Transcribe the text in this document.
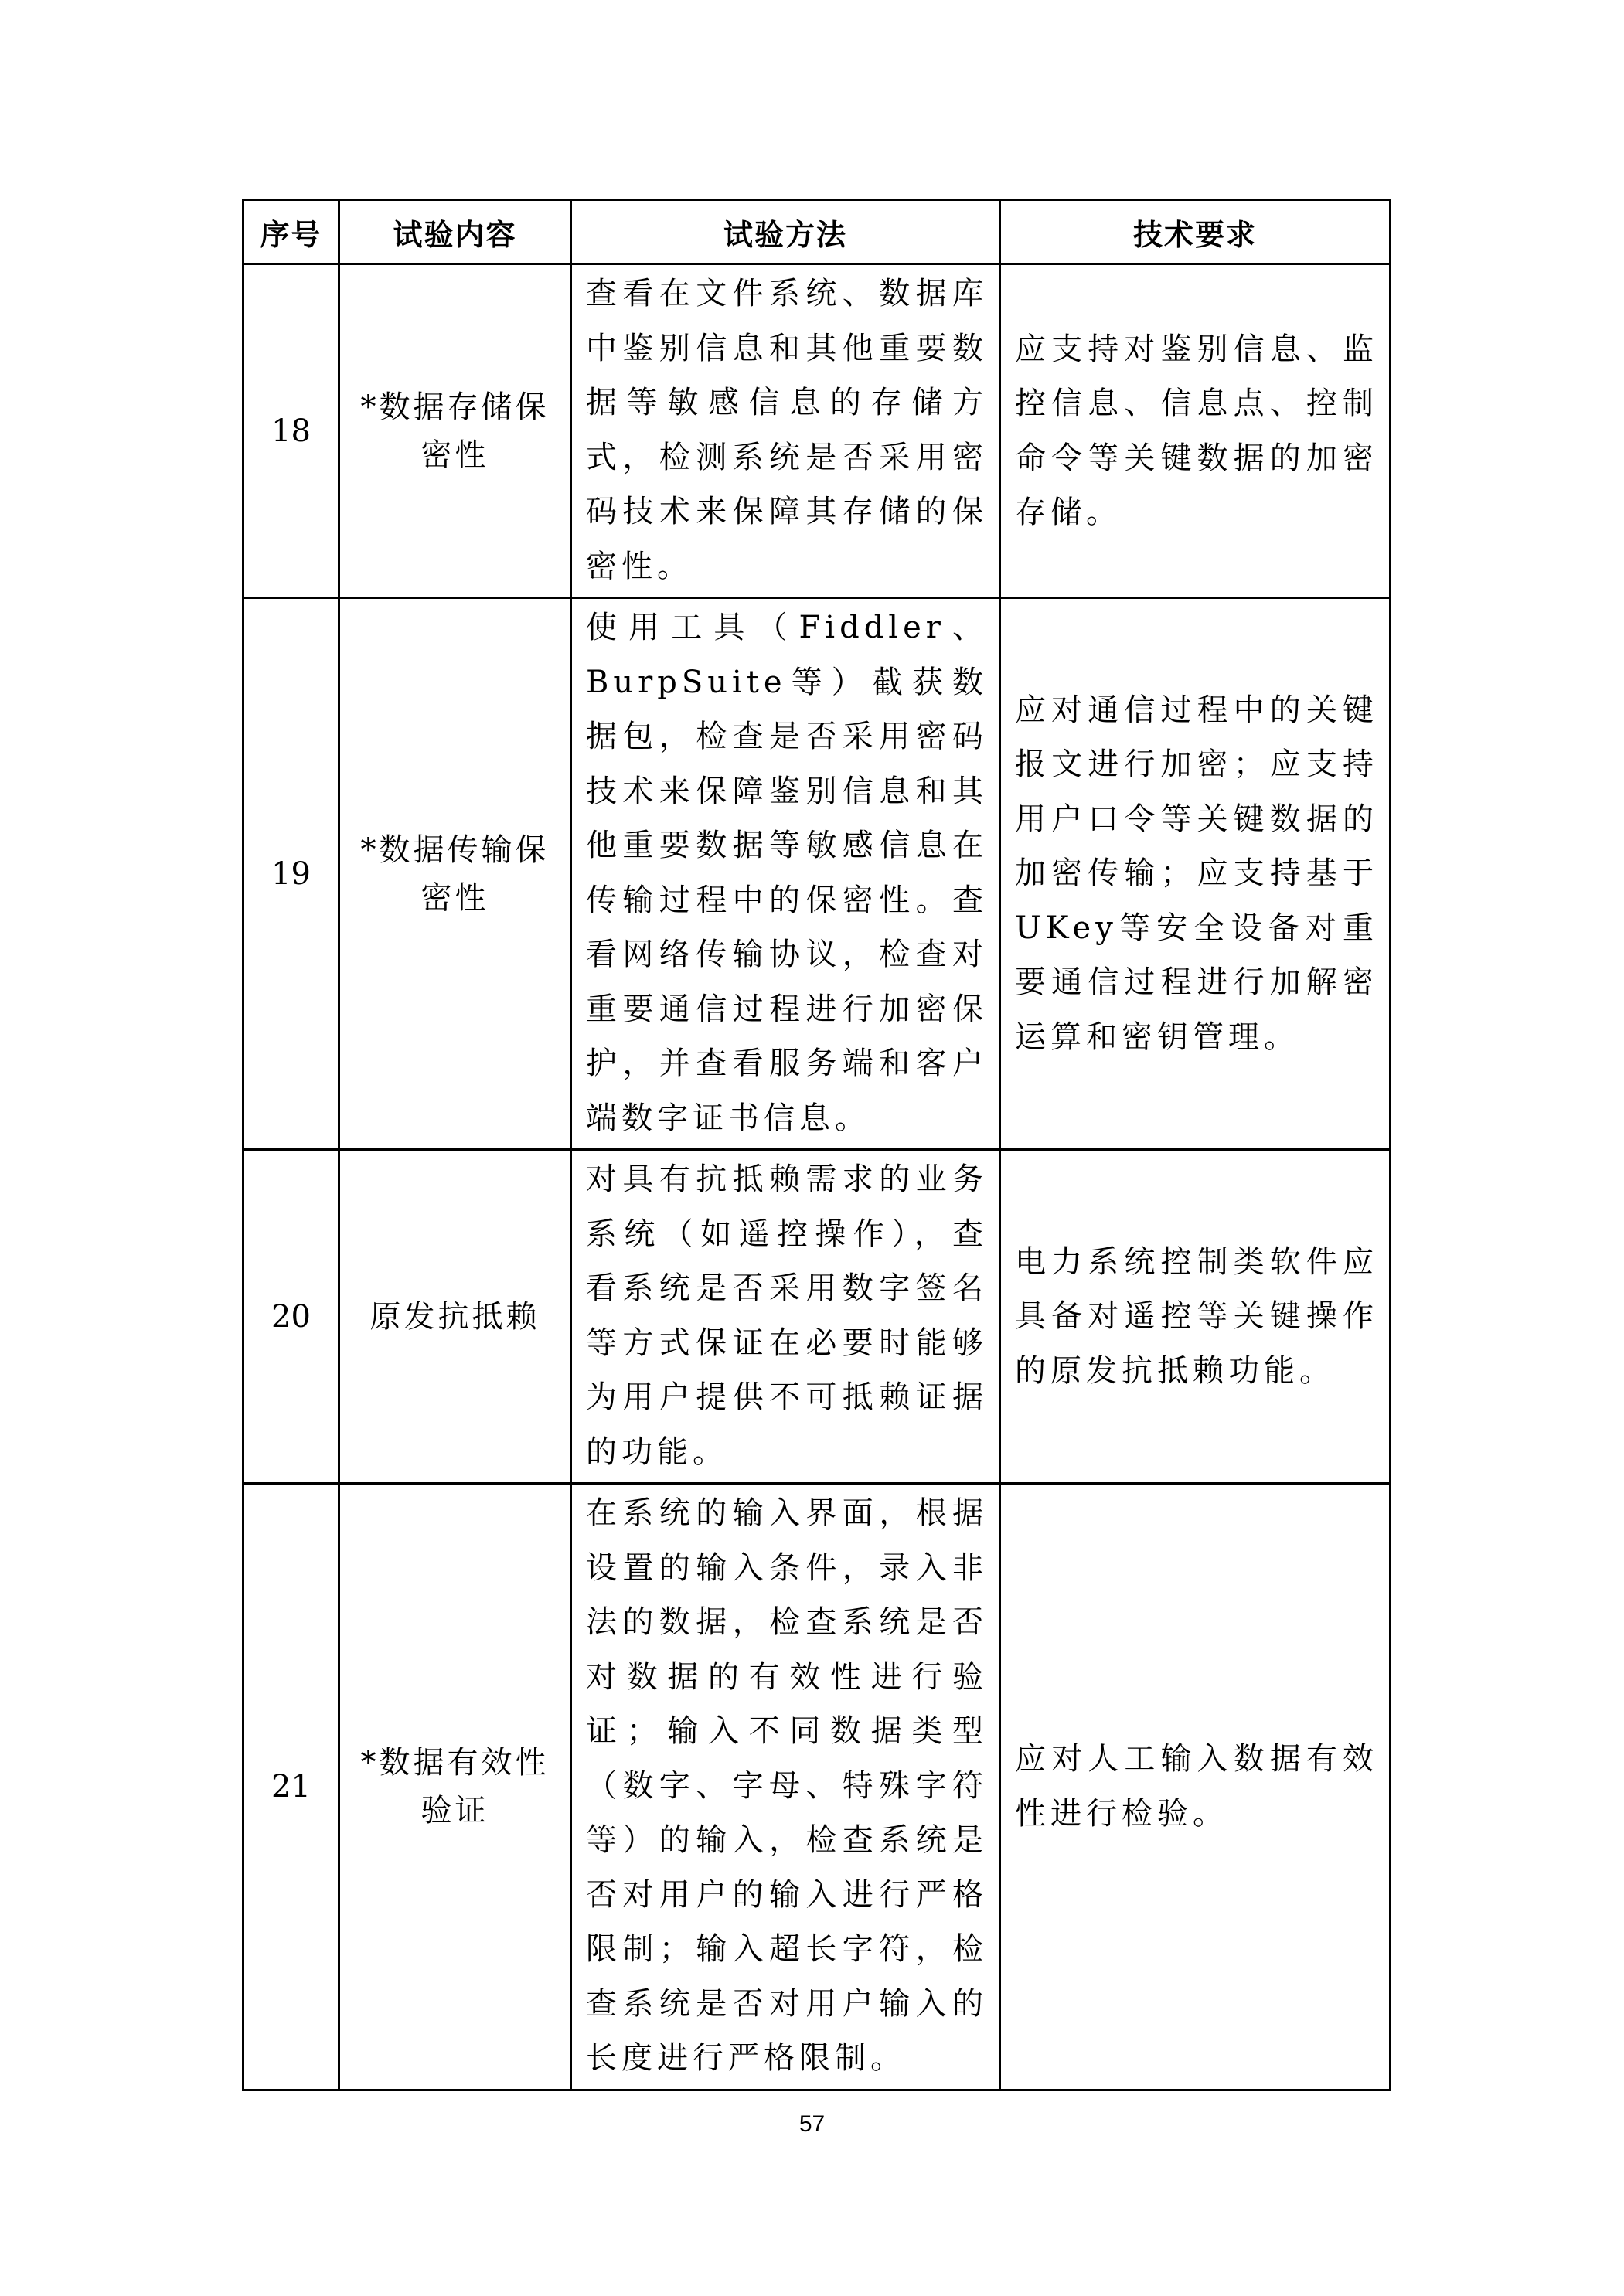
序号	试验内容	试验方法	技术要求
18	*数据存储保密性	查看在文件系统、数据库中鉴别信息和其他重要数据等敏感信息的存储方式，检测系统是否采用密码技术来保障其存储的保密性。	应支持对鉴别信息、监控信息、信息点、控制命令等关键数据的加密存储。
19	*数据传输保密性	使用工具（Fiddler、BurpSuite等）截获数据包，检查是否采用密码技术来保障鉴别信息和其他重要数据等敏感信息在传输过程中的保密性。查看网络传输协议，检查对重要通信过程进行加密保护，并查看服务端和客户端数字证书信息。	应对通信过程中的关键报文进行加密；应支持用户口令等关键数据的加密传输；应支持基于UKey等安全设备对重要通信过程进行加解密运算和密钥管理。
20	原发抗抵赖	对具有抗抵赖需求的业务系统（如遥控操作），查看系统是否采用数字签名等方式保证在必要时能够为用户提供不可抵赖证据的功能。	电力系统控制类软件应具备对遥控等关键操作的原发抗抵赖功能。
21	*数据有效性验证	在系统的输入界面，根据设置的输入条件，录入非法的数据，检查系统是否对数据的有效性进行验证；输入不同数据类型（数字、字母、特殊字符等）的输入，检查系统是否对用户的输入进行严格限制；输入超长字符，检查系统是否对用户输入的长度进行严格限制。	应对人工输入数据有效性进行检验。
57
